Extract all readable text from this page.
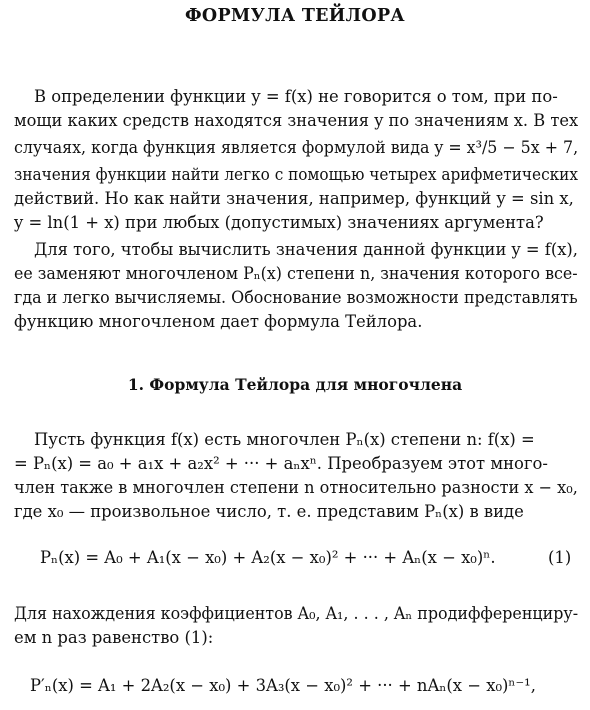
ФОРМУЛА ТЕЙЛОРА
В определении функции y = f(x) не говорится о том, при по-
мощи каких средств находятся значения y по значениям x. В тех
случаях, когда функция является формулой вида y = x³/5 − 5x + 7,
значения функции найти легко с помощью четырех арифметических
действий. Но как найти значения, например, функций y = sin x,
y = ln(1 + x) при любых (допустимых) значениях аргумента?
Для того, чтобы вычислить значения данной функции y = f(x),
ее заменяют многочленом Pₙ(x) степени n, значения которого все-
гда и легко вычисляемы. Обоснование возможности представлять
функцию многочленом дает формула Тейлора.
1. Формула Тейлора для многочлена
Пусть функция f(x) есть многочлен Pₙ(x) степени n: f(x) =
= Pₙ(x) = a₀ + a₁x + a₂x² + ··· + aₙxⁿ. Преобразуем этот много-
член также в многочлен степени n относительно разности x − x₀,
где x₀ — произвольное число, т. е. представим Pₙ(x) в виде
Pₙ(x) = A₀ + A₁(x − x₀) + A₂(x − x₀)² + ··· + Aₙ(x − x₀)ⁿ.	(1)
Для нахождения коэффициентов A₀, A₁, . . . , Aₙ продифференциру-
ем n раз равенство (1):
P′ₙ(x) = A₁ + 2A₂(x − x₀) + 3A₃(x − x₀)² + ··· + nAₙ(x − x₀)ⁿ⁻¹,
